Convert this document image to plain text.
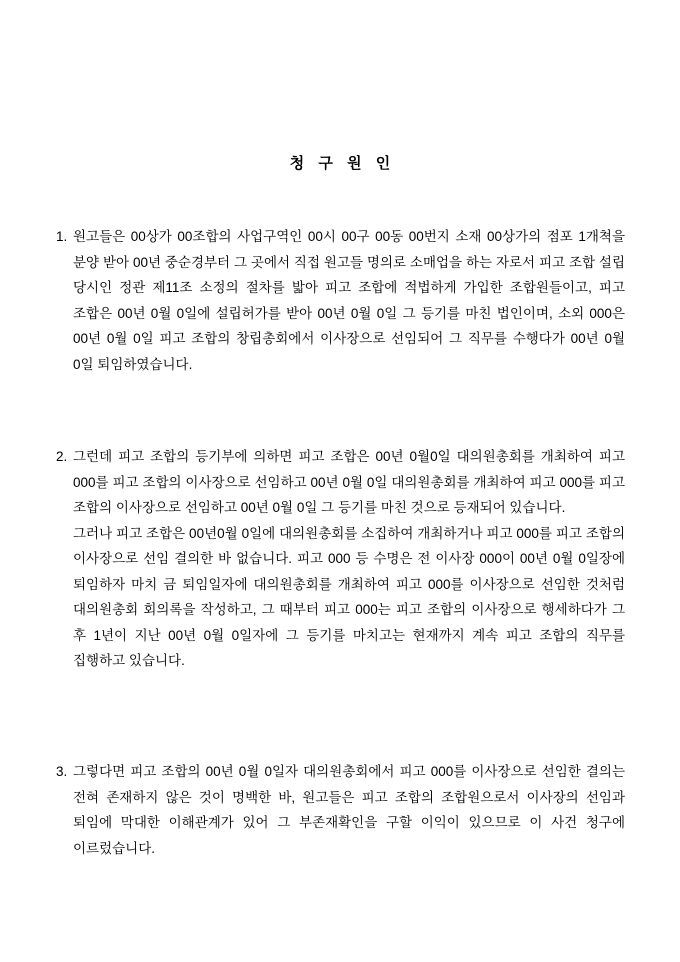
청 구 원 인
1. 원고들은 00상가 00조합의 사업구역인 00시 00구 00동 00번지 소재 00상가의 점포 1개쳑을 분양 받아 00년 중순경부터 그 곳에서 직접 원고들 명의로 소매업을 하는 자로서 피고 조합 설립 당시인 정관 제11조 소정의 절차를 밟아 피고 조합에 적법하게 가입한 조합원들이고, 피고 조합은 00년 0월 0일에 설립허가를 받아 00년 0월 0일 그 등기를 마친 법인이며, 소외 000은 00년 0월 0일 피고 조합의 창립총회에서 이사장으로 선임되어 그 직무를 수행다가 00년 0월 0일 퇴임하였습니다.
2. 그런데 피고 조합의 등기부에 의하면 피고 조합은 00년 0월0일 대의원총회를 개최하여 피고 000를 피고 조합의 이사장으로 선임하고 00년 0월 0일 대의원총회를 개최하여 피고 000를 피고 조합의 이사장으로 선임하고 00년 0월 0일 그 등기를 마친 것으로 등재되어 있습니다.
그러나 피고 조합은 00년0월 0일에 대의원총회를 소집하여 개최하거나 피고 000를 피고 조합의 이사장으로 선임 결의한 바 없습니다. 피고 000 등 수명은 전 이사장 000이 00년 0월 0일장에 퇴임하자 마치 금 퇴임일자에 대의원총회를 개최하여 피고 000를 이사장으로 선임한 것처럼 대의원총회 회의록을 작성하고, 그 때부터 피고 000는 피고 조합의 이사장으로 행세하다가 그 후 1년이 지난 00년 0월 0일자에 그 등기를 마치고는 현재까지 계속 피고 조합의 직무를 집행하고 있습니다.
3. 그렇다면 피고 조합의 00년 0월 0일자 대의원총회에서 피고 000를 이사장으로 선임한 결의는 전혀 존재하지 않은 것이 명백한 바, 원고들은 피고 조합의 조합원으로서 이사장의 선임과 퇴임에 막대한 이해관계가 있어 그 부존재확인을 구할 이익이 있으므로 이 사건 청구에 이르렀습니다.
